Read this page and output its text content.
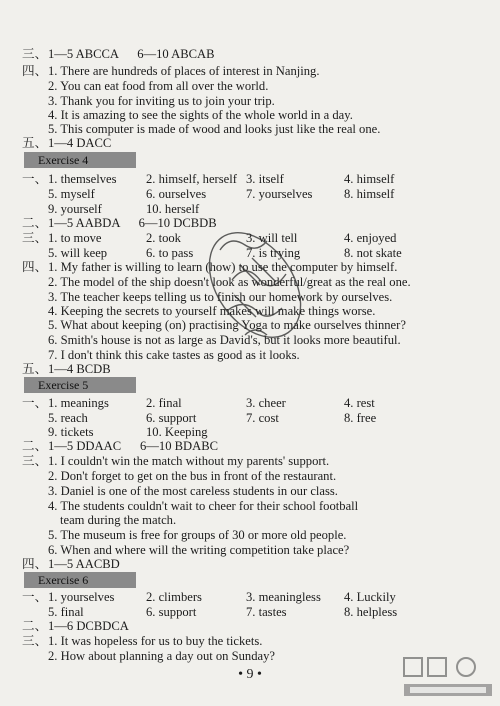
三、1—5 ABCCA      6—10 ABCAB
四、1. There are hundreds of places of interest in Nanjing.
2. You can eat food from all over the world.
3. Thank you for inviting us to join your trip.
4. It is amazing to see the sights of the whole world in a day.
5. This computer is made of wood and looks just like the real one.
五、1—4 DACC
Exercise 4
一、 1. themselves 2. himself, herself 3. itself	4. himself
5. myself	6. ourselves	7. yourselves	8. himself
9. yourself	10. herself
二、1—5 AABDA      6—10 DCBDB
三、 1. to move	2. took	3. will tell	4. enjoyed
5. will keep	6. to pass	7. is trying	8. not skate
四、1. My father is willing to learn (how) to use the computer by himself.
2. The model of the ship doesn't look as wonderful/great as the real one.
3. The teacher keeps telling us to finish our homework by ourselves.
4. Keeping the secrets to yourself makes will make things worse.
5. What about keeping (on) practising Yoga to make ourselves thinner?
6. Smith's house is not as large as David's, but it looks more beautiful.
7. I don't think this cake tastes as good as it looks.
五、1—4 BCDB
Exercise 5
一、 1. meanings	2. final	3. cheer	4. rest
5. reach	6. support	7. cost	8. free
9. tickets	10. Keeping
二、1—5 DDAAC      6—10 BDABC
三、1. I couldn't win the match without my parents' support.
2. Don't forget to get on the bus in front of the restaurant.
3. Daniel is one of the most careless students in our class.
4. The students couldn't wait to cheer for their school football
team during the match.
5. The museum is free for groups of 30 or more old people.
6. When and where will the writing competition take place?
四、1—5 AACBD
Exercise 6
一、 1. yourselves	2. climbers	3. meaningless 4. Luckily
5. final	6. support	7. tastes	8. helpless
二、1—6 DCBDCA
三、1. It was hopeless for us to buy the tickets.
2. How about planning a day out on Sunday?
• 9 •
